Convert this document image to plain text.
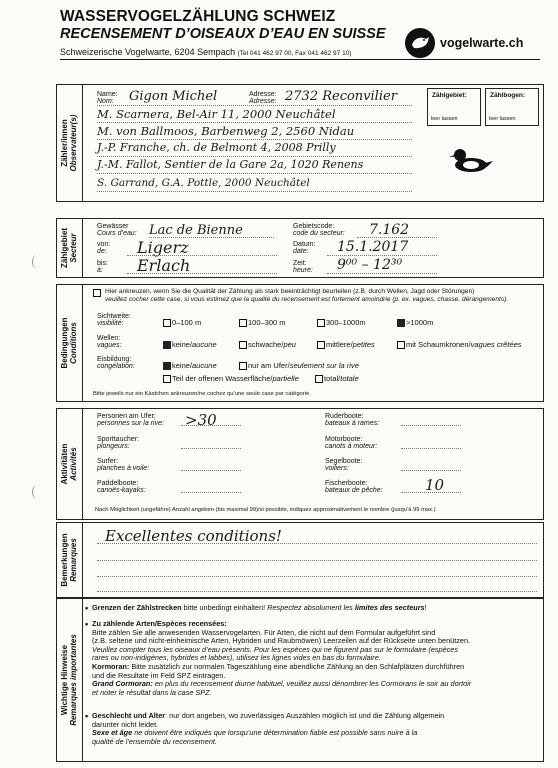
WASSERVOGELZÄHLUNG SCHWEIZ
RECENSEMENT D’OISEAUX D’EAU EN SUISSE
Schweizerische Vogelwarte, 6204 Sempach (Tel 041 462 97 00, Fax 041 462 97 10)
vogelwarte.ch
Zähler/innen Observateur(s)
Name:
Nom:
Adresse:
Adresse:
Gigon Michel	2732 Reconvilier
M. Scarnera, Bel-Air 11, 2000 Neuchâtel
M. von Ballmoos, Barbenweg 2, 2560 Nidau
J.-P. Franche, ch. de Belmont 4, 2008 Prilly
J.-M. Fallot, Sentier de la Gare 2a, 1020 Renens
S. Garrand, G.A. Pottle, 2000 Neuchâtel
Zählgebiet:
leer lassen
Zählbogen:
leer lassen
Zählgebiet Secteur
Gewässer
Cours d’eau: Lac de Bienne	Gebietscode:
code du secteur: 7.162
von:
de: Ligerz	Datum:
date:	15.1.2017
bis:
à:	Erlach	Zeit:
heure: 9⁰⁰ – 12³⁰
Bedingungen Conditions
Hier ankreuzen, wenn Sie die Qualität der Zählung als stark beeinträchtigt beurteilen (z.B. durch Wellen, Jagd oder Störungen)
veuillez cocher cette case, si vous estimez que la qualité du recensement est fortement amoindrie (p. ex. vagues, chasse, dérangements).
Sichtweite:
visibilité:	0–100 m	100–300 m	300–1000m	>1000m
Wellen:
vagues:	keine/aucune	schwache/peu	mittlere/petites	mit Schaumkronen/vagues crêtées
Eisbildung:
congélation:	keine/aucune	nur am Ufer/seulement sur la rive
Teil der offenen Wasserfläche/partielle	total/totale
Bitte jeweils nur ein Kästchen ankreuzen/ne cochez qu’une seule case par catégorie.
Aktivitäten Activités
Personen am Ufer:
personnes sur la rive: >30	Ruderboote:
bateaux à rames:
Sporttaucher:
plongeurs:
Motorboote:
canots à moteur:
Surfer:
planches à voile:
Segelboote:
voiliers:
Paddelboote:
canoës-kayaks:
Fischerboote:
bateaux de pêche:	10
Nach Möglichkeit (ungefähre) Anzahl angeben (bis maximal 99)/si possible, indiquez approximativement le nombre (jusqu’à 99 max.)
Bemerkungen Remarques
Excellentes conditions!
Wichtige Hinweise Remarques importantes
• Grenzen der Zählstrecken bitte unbedingt einhalten! Respectez absolument les limites des secteurs!
• Zu zählende Arten/Espèces recensées:
Bitte zählen Sie alle anwesenden Wasservogelarten. Für Arten, die nicht auf dem Formular aufgeführt sind
(z.B. seltene und nicht-einheimische Arten, Hybriden und Raubmöwen) Leerzeilen auf der Rückseite unten benützen.
Veuillez compter tous les oiseaux d’eau présents. Pour les espèces qui ne figurent pas sur le formulaire (espèces
rares ou non-indigènes, hybrides et labbes), utilisez les lignes vides en bas du formulaire.
Kormoran: Bitte zusätzlich zur normalen Tageszählung eine abendliche Zählung an den Schlafplätzen durchführen
und die Resultate im Feld SPZ eintragen.
Grand Cormoran: en plus du recensement diurne habituel, veuillez aussi dénombrer les Cormorans le soir au dortoir
et noter le résultat dans la case SPZ.
• Geschlecht und Alter: nur dort angeben, wo zuverlässiges Auszählen möglich ist und die Zählung allgemein
darunter nicht leidet.
Sexe et âge ne doivent être indiqués que lorsqu’une détermination fiable est possible sans nuire à la
qualité de l’ensemble du recensement.
